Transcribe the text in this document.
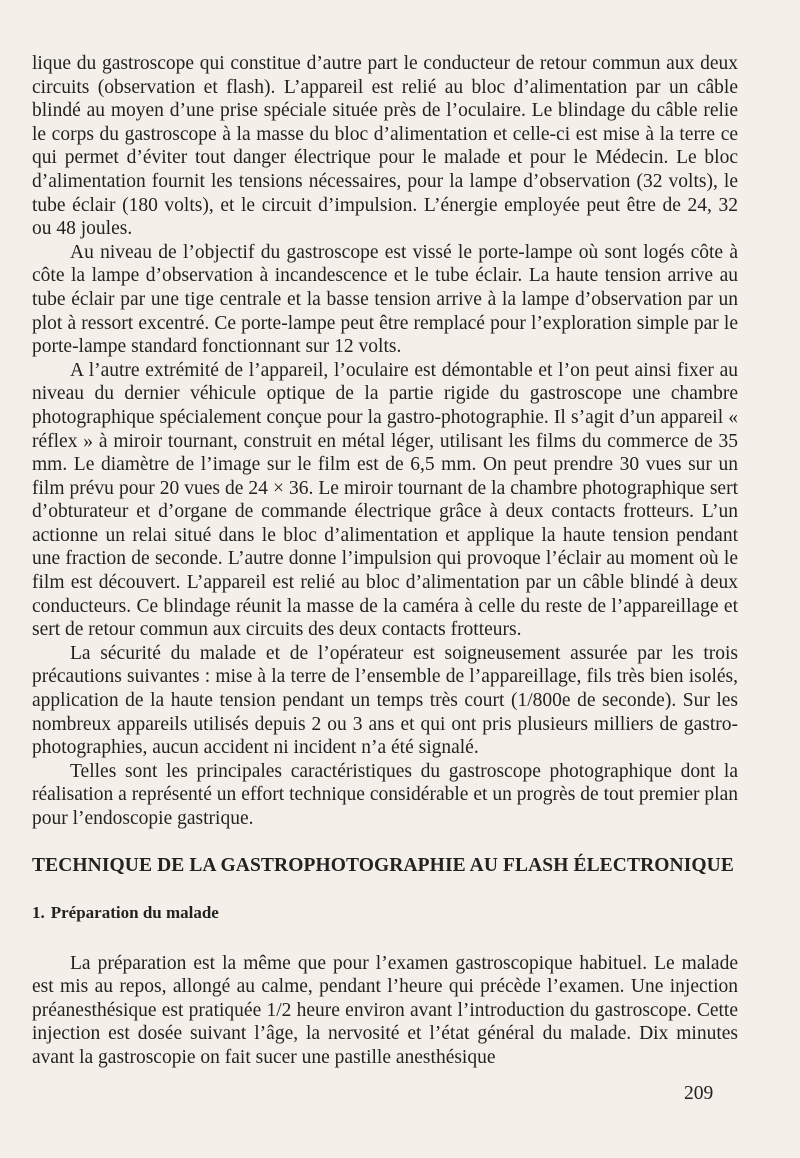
lique du gastroscope qui constitue d’autre part le conducteur de retour commun aux deux circuits (observation et flash). L’appareil est relié au bloc d’alimentation par un câble blindé au moyen d’une prise spéciale située près de l’oculaire. Le blindage du câble relie le corps du gastroscope à la masse du bloc d’alimentation et celle-ci est mise à la terre ce qui permet d’éviter tout danger électrique pour le malade et pour le Médecin. Le bloc d’alimentation fournit les tensions nécessaires, pour la lampe d’observation (32 volts), le tube éclair (180 volts), et le circuit d’impulsion. L’énergie employée peut être de 24, 32 ou 48 joules.

Au niveau de l’objectif du gastroscope est vissé le porte-lampe où sont logés côte à côte la lampe d’observation à incandescence et le tube éclair. La haute tension arrive au tube éclair par une tige centrale et la basse tension arrive à la lampe d’observation par un plot à ressort excentré. Ce porte-lampe peut être remplacé pour l’exploration simple par le porte-lampe standard fonctionnant sur 12 volts.

A l’autre extrémité de l’appareil, l’oculaire est démontable et l’on peut ainsi fixer au niveau du dernier véhicule optique de la partie rigide du gastroscope une chambre photographique spécialement conçue pour la gastro-photographie. Il s’agit d’un appareil « réflex » à miroir tournant, construit en métal léger, utilisant les films du commerce de 35 mm. Le diamètre de l’image sur le film est de 6,5 mm. On peut prendre 30 vues sur un film prévu pour 20 vues de 24 × 36. Le miroir tournant de la chambre photographique sert d’obturateur et d’organe de commande électrique grâce à deux contacts frotteurs. L’un actionne un relai situé dans le bloc d’alimentation et applique la haute tension pendant une fraction de seconde. L’autre donne l’impulsion qui provoque l’éclair au moment où le film est découvert. L’appareil est relié au bloc d’alimentation par un câble blindé à deux conducteurs. Ce blindage réunit la masse de la caméra à celle du reste de l’appareillage et sert de retour commun aux circuits des deux contacts frotteurs.

La sécurité du malade et de l’opérateur est soigneusement assurée par les trois précautions suivantes : mise à la terre de l’ensemble de l’appareillage, fils très bien isolés, application de la haute tension pendant un temps très court (1/800e de seconde). Sur les nombreux appareils utilisés depuis 2 ou 3 ans et qui ont pris plusieurs milliers de gastro-photographies, aucun accident ni incident n’a été signalé.

Telles sont les principales caractéristiques du gastroscope photographique dont la réalisation a représenté un effort technique considérable et un progrès de tout premier plan pour l’endoscopie gastrique.

TECHNIQUE DE LA GASTROPHOTOGRAPHIE AU FLASH ÉLECTRONIQUE
1. Préparation du malade

La préparation est la même que pour l’examen gastroscopique habituel. Le malade est mis au repos, allongé au calme, pendant l’heure qui précède l’examen. Une injection préanesthésique est pratiquée 1/2 heure environ avant l’introduction du gastroscope. Cette injection est dosée suivant l’âge, la nervosité et l’état général du malade. Dix minutes avant la gastroscopie on fait sucer une pastille anesthésique

209
